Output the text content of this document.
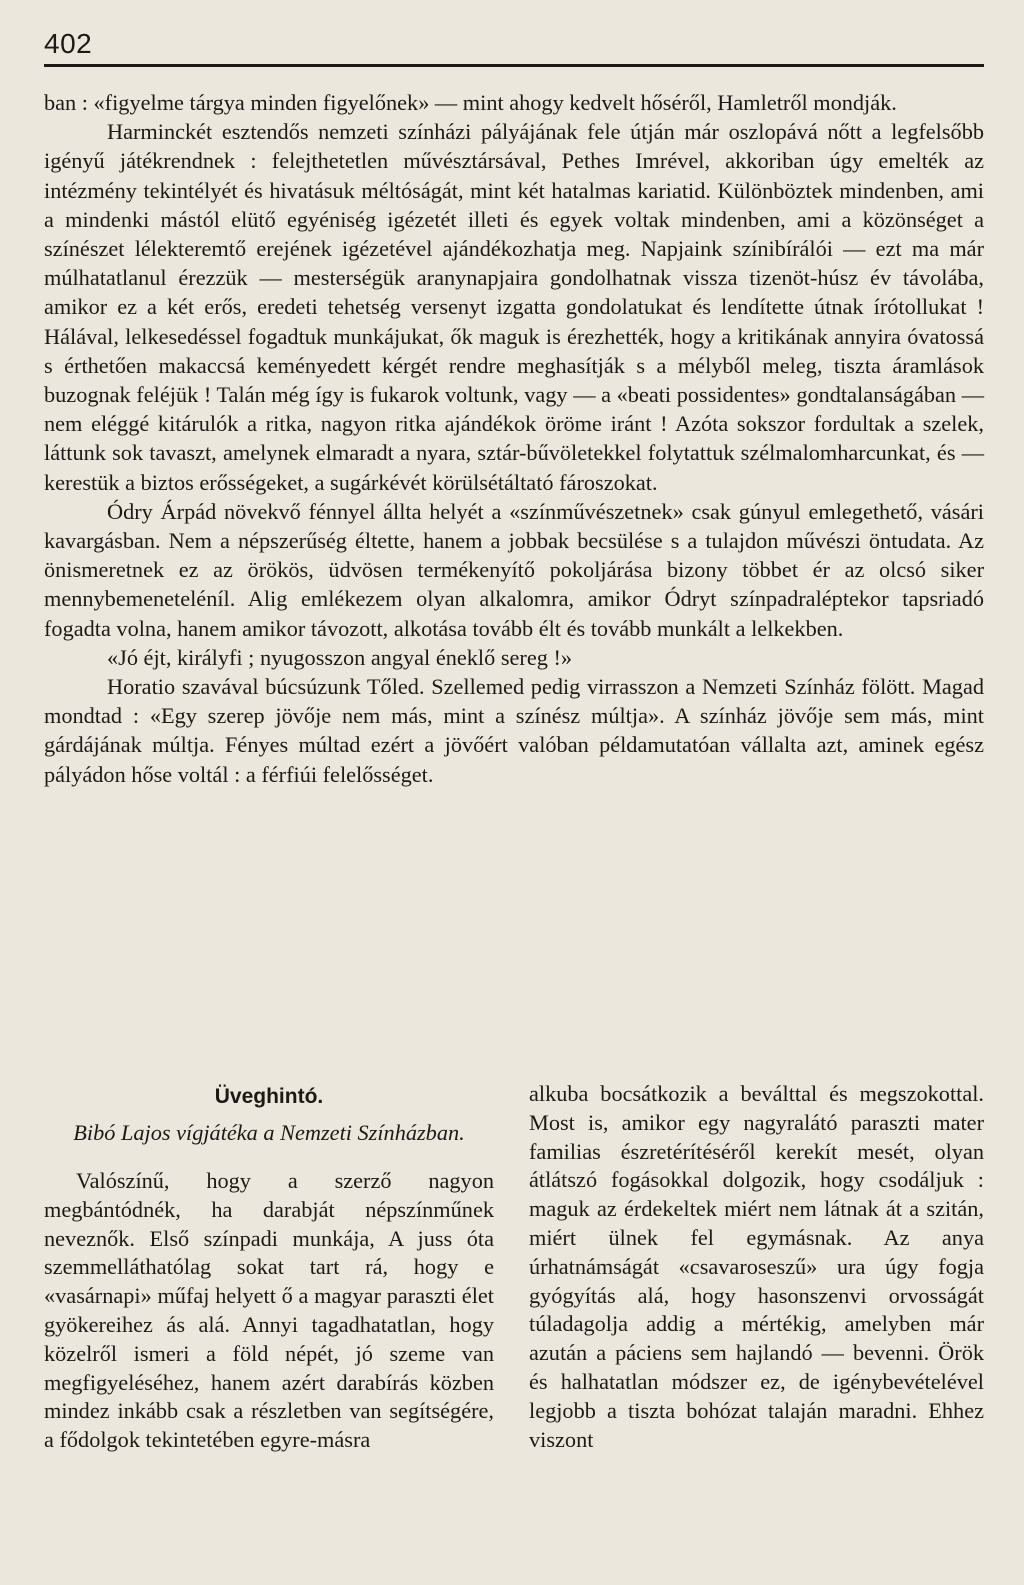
402

ban : «figyelme tárgya minden figyelőnek» — mint ahogy kedvelt hőséről, Hamletről mondják.

Harminckét esztendős nemzeti színházi pályájának fele útján már oszlopává nőtt a legfelsőbb igényű játékrendnek : felejthetetlen művésztársával, Pethes Imrével, akkoriban úgy emelték az intézmény tekintélyét és hivatásuk méltóságát, mint két hatalmas kariatid. Különböztek mindenben, ami a mindenki mástól elütő egyéniség igézetét illeti és egyek voltak mindenben, ami a közönséget a színészet lélekteremtő erejének igézetével ajándékozhatja meg. Napjaink színibírálói — ezt ma már múlhatatlanul érezzük — mesterségük aranynapjaira gondolhatnak vissza tizenöt-húsz év távolába, amikor ez a két erős, eredeti tehetség versenyt izgatta gondolatukat és lendítette útnak írótollukat ! Hálával, lelkesedéssel fogadtuk munkájukat, ők maguk is érezhették, hogy a kritikának annyira óvatossá s érthetően makaccsá keményedett kérgét rendre meghasítják s a mélyből meleg, tiszta áramlások buzognak feléjük ! Talán még így is fukarok voltunk, vagy — a «beati possidentes» gondtalanságában — nem eléggé kitárulók a ritka, nagyon ritka ajándékok öröme iránt ! Azóta sokszor fordultak a szelek, láttunk sok tavaszt, amelynek elmaradt a nyara, sztár-bűvöletekkel folytattuk szélmalomharcunkat, és — kerestük a biztos erősségeket, a sugárkévét körülsétáltató fároszokat.

Ódry Árpád növekvő fénnyel állta helyét a «színművészetnek» csak gúnyul emlegethető, vásári kavargásban. Nem a népszerűség éltette, hanem a jobbak becsülése s a tulajdon művészi öntudata. Az önismeretnek ez az örökös, üdvösen termékenyítő pokoljárása bizony többet ér az olcsó siker mennybemeneteléníl. Alig emlékezem olyan alkalomra, amikor Ódryt színpadraléptekor tapsriadó fogadta volna, hanem amikor távozott, alkotása tovább élt és tovább munkált a lelkekben.

«Jó éjt, királyfi ; nyugosszon angyal éneklő sereg !»

Horatio szavával búcsúzunk Tőled. Szellemed pedig virrasszon a Nemzeti Színház fölött. Magad mondtad : «Egy szerep jövője nem más, mint a színész múltja». A színház jövője sem más, mint gárdájának múltja. Fényes múltad ezért a jövőért valóban példamutatóan vállalta azt, aminek egész pályádon hőse voltál : a férfiúi felelősséget.

Üveghintó.
Bibó Lajos vígjátéka a Nemzeti Színházban.

Valószínű, hogy a szerző nagyon megbántódnék, ha darabját népszínműnek neveznők. Első színpadi munkája, A juss óta szemmelláthatólag sokat tart rá, hogy e «vasárnapi» műfaj helyett ő a magyar paraszti élet gyökereihez ás alá. Annyi tagadhatatlan, hogy közelről ismeri a föld népét, jó szeme van megfigyeléséhez, hanem azért darabírás közben mindez inkább csak a részletben van segítségére, a fődolgok tekintetében egyre-másra

alkuba bocsátkozik a beválttal és megszokottal. Most is, amikor egy nagyralátó paraszti mater familias észretérítéséről kerekít mesét, olyan átlátszó fogásokkal dolgozik, hogy csodáljuk : maguk az érdekeltek miért nem látnak át a szitán, miért ülnek fel egymásnak. Az anya úrhatnámságát «csavaroseszű» ura úgy fogja gyógyítás alá, hogy hasonszenvi orvosságát túladagolja addig a mértékig, amelyben már azután a páciens sem hajlandó — bevenni. Örök és halhatatlan módszer ez, de igénybevételével legjobb a tiszta bohózat talaján maradni. Ehhez viszont
